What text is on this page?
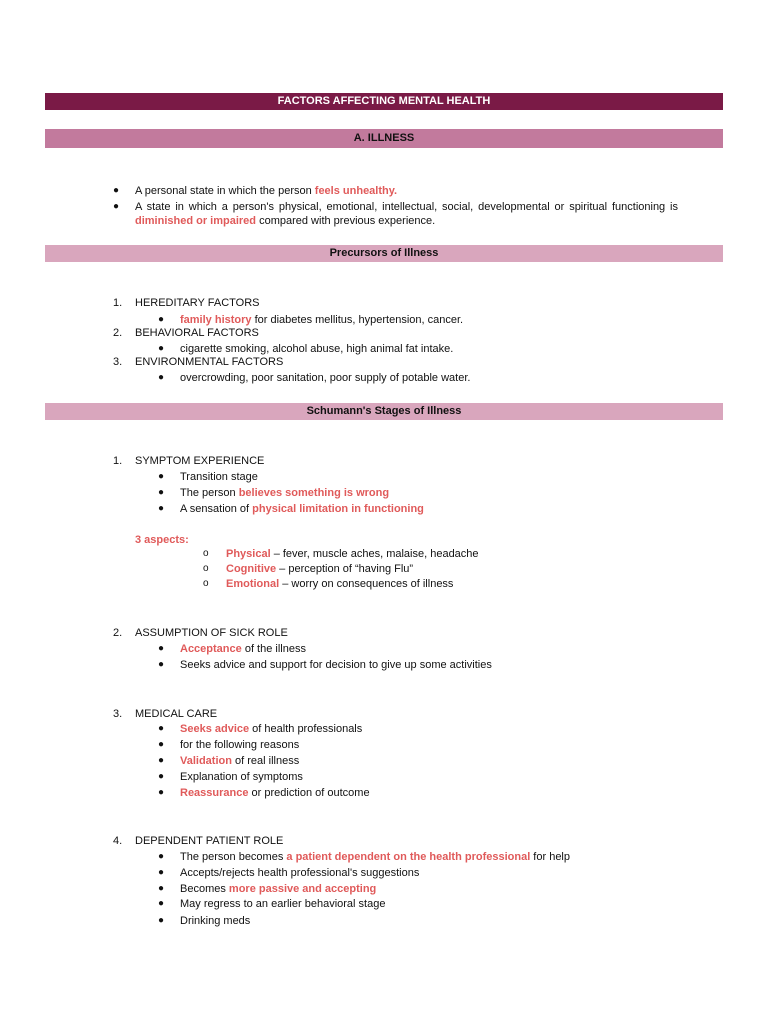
FACTORS AFFECTING MENTAL HEALTH
A. ILLNESS
● A personal state in which the person feels unhealthy.
● A state in which a person's physical, emotional, intellectual, social, developmental or spiritual functioning is
diminished or impaired compared with previous experience.
Precursors of Illness
1. HEREDITARY FACTORS
● family history for diabetes mellitus, hypertension, cancer.
2. BEHAVIORAL FACTORS
● cigarette smoking, alcohol abuse, high animal fat intake.
3. ENVIRONMENTAL FACTORS
● overcrowding, poor sanitation, poor supply of potable water.
Schumann's Stages of Illness
1. SYMPTOM EXPERIENCE
● Transition stage
● The person believes something is wrong
● A sensation of physical limitation in functioning
3 aspects:
o Physical – fever, muscle aches, malaise, headache
o Cognitive – perception of “having Flu”
o Emotional – worry on consequences of illness
2. ASSUMPTION OF SICK ROLE
● Acceptance of the illness
● Seeks advice and support for decision to give up some activities
3. MEDICAL CARE
● Seeks advice of health professionals
● for the following reasons
● Validation of real illness
● Explanation of symptoms
● Reassurance or prediction of outcome
4. DEPENDENT PATIENT ROLE
● The person becomes a patient dependent on the health professional for help
● Accepts/rejects health professional's suggestions
● Becomes more passive and accepting
● May regress to an earlier behavioral stage
● Drinking meds
